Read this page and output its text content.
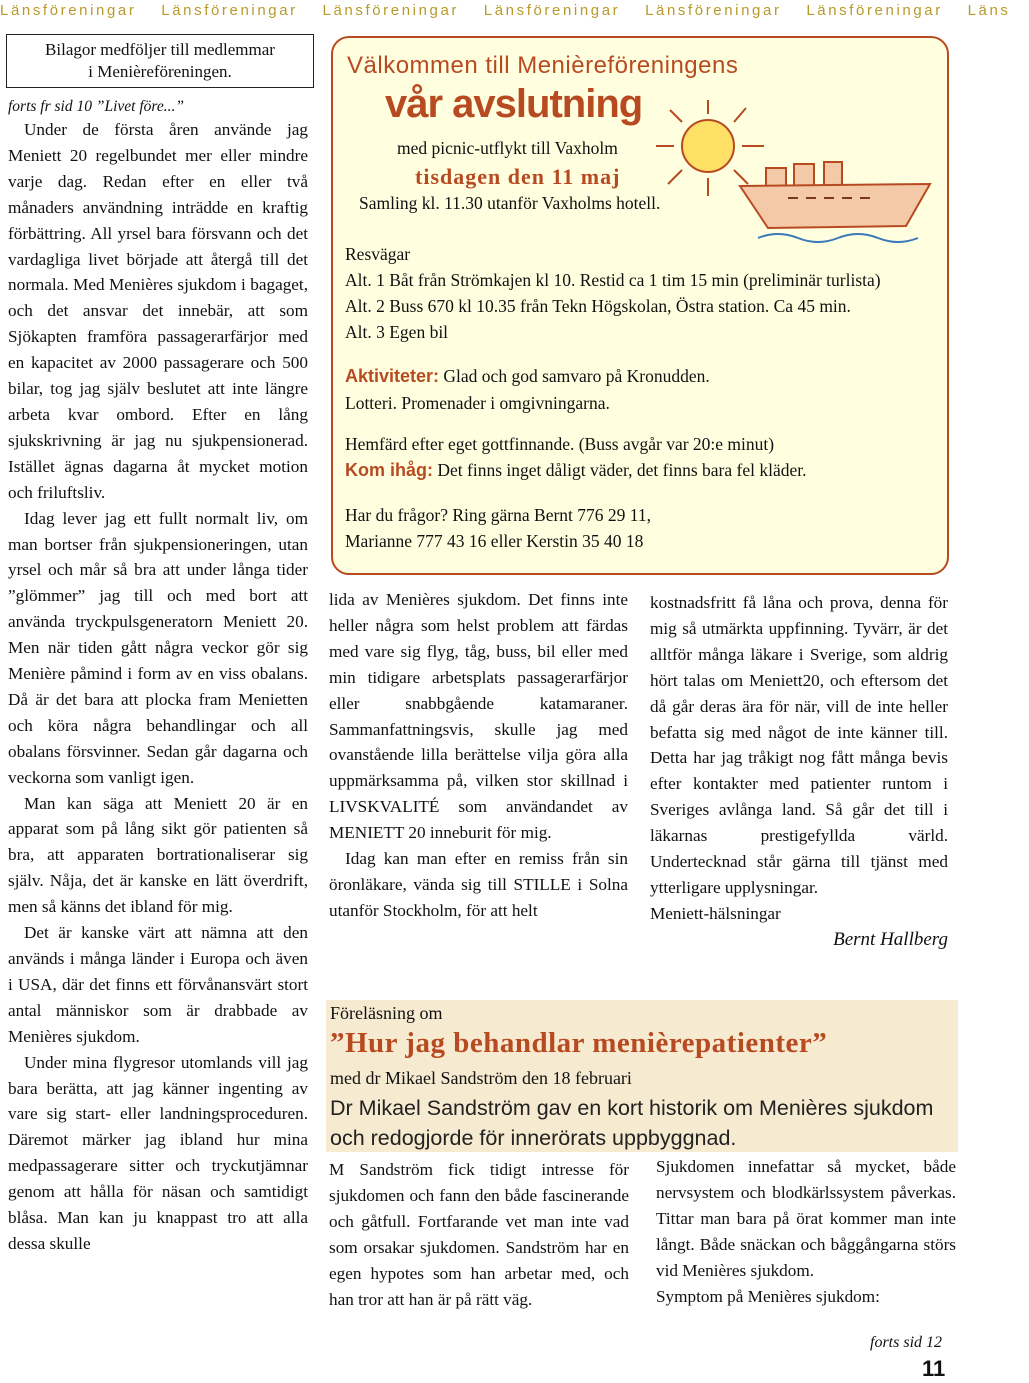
Länsföreningar Länsföreningar Länsföreningar Länsföreningar Länsföreningar Länsföreningar Läns
Bilagor medföljer till medlemmar
i Menièreföreningen.

forts fr sid 10 ”Livet före...”

Under de första åren använde jag Meniett 20 regelbundet mer eller mindre varje dag. Redan efter en eller två månaders användning inträdde en kraftig förbättring. All yrsel bara försvann och det vardagliga livet började att återgå till det normala. Med Menières sjukdom i bagaget, och det ansvar det innebär, att som Sjökapten framföra passagerarfärjor med en kapacitet av 2000 passagerare och 500 bilar, tog jag själv beslutet att inte längre arbeta kvar ombord. Efter en lång sjukskrivning är jag nu sjukpensionerad. Istället ägnas dagarna åt mycket motion och friluftsliv.

Idag lever jag ett fullt normalt liv, om man bortser från sjukpensioneringen, utan yrsel och mår så bra att under långa tider ”glömmer” jag till och med bort att använda tryckpulsgeneratorn Meniett 20. Men när tiden gått några veckor gör sig Menière påmind i form av en viss obalans. Då är det bara att plocka fram Menietten och köra några behandlingar och all obalans försvinner. Sedan går dagarna och veckorna som vanligt igen.

Man kan säga att Meniett 20 är en apparat som på lång sikt gör patienten så bra, att apparaten bortrationaliserar sig själv. Nåja, det är kanske en lätt överdrift, men så känns det ibland för mig.

Det är kanske värt att nämna att den används i många länder i Europa och även i USA, där det finns ett förvånansvärt stort antal människor som är drabbade av Menières sjukdom.

Under mina flygresor utomlands vill jag bara berätta, att jag känner ingenting av vare sig start- eller landningsproceduren. Däremot märker jag ibland hur mina medpassagerare sitter och tryckutjämnar genom att hålla för näsan och samtidigt blåsa. Man kan ju knappast tro att alla dessa skulle

Välkommen till Menièreföreningens
vår avslutning
med picnic-utflykt till Vaxholm
tisdagen den 11 maj
Samling kl. 11.30 utanför Vaxholms hotell.
Resvägar
Alt. 1 Båt från Strömkajen kl 10. Restid ca 1 tim 15 min (preliminär turlista)
Alt. 2 Buss 670 kl 10.35 från Tekn Högskolan, Östra station. Ca 45 min.
Alt. 3 Egen bil
Aktiviteter: Glad och god samvaro på Kronudden.
Lotteri. Promenader i omgivningarna.
Hemfärd efter eget gottfinnande. (Buss avgår var 20:e minut)
Kom ihåg: Det finns inget dåligt väder, det finns bara fel kläder.
Har du frågor? Ring gärna Bernt 776 29 11,
Marianne 777 43 16 eller Kerstin 35 40 18

lida av Menières sjukdom. Det finns inte heller några som helst problem att färdas med vare sig flyg, tåg, buss, bil eller med min tidigare arbetsplats passagerarfärjor eller snabbgående katamaraner. Sammanfattningsvis, skulle jag med ovanstående lilla berättelse vilja göra alla uppmärksamma på, vilken stor skillnad i LIVSKVALITÉ som användandet av MENIETT 20 inneburit för mig.

Idag kan man efter en remiss från sin öronläkare, vända sig till STILLE i Solna utanför Stockholm, för att helt

kostnadsfritt få låna och prova, denna för mig så utmärkta uppfinning. Tyvärr, är det alltför många läkare i Sverige, som aldrig hört talas om Meniett20, och eftersom det då går deras ära för när, vill de inte heller befatta sig med något de inte känner till. Detta har jag tråkigt nog fått många bevis efter kontakter med patienter runtom i Sveriges avlånga land. Så går det till i läkarnas prestigefyllda värld. Undertecknad står gärna till tjänst med ytterligare upplysningar.

Meniett-hälsningar

Bernt Hallberg

Föreläsning om
”Hur jag behandlar menièrepatienter”
med dr Mikael Sandström den 18 februari
Dr Mikael Sandström gav en kort historik om Menières sjukdom och redogjorde för innerörats uppbyggnad.

M Sandström fick tidigt intresse för sjukdomen och fann den både fascinerande och gåtfull. Fortfarande vet man inte vad som orsakar sjukdomen. Sandström har en egen hypotes som han arbetar med, och han tror att han är på rätt väg.

Sjukdomen innefattar så mycket, både nervsystem och blodkärlssystem påverkas. Tittar man bara på örat kommer man inte långt. Både snäckan och båggångarna störs vid Menières sjukdom.

Symptom på Menières sjukdom:

forts sid 12
11
